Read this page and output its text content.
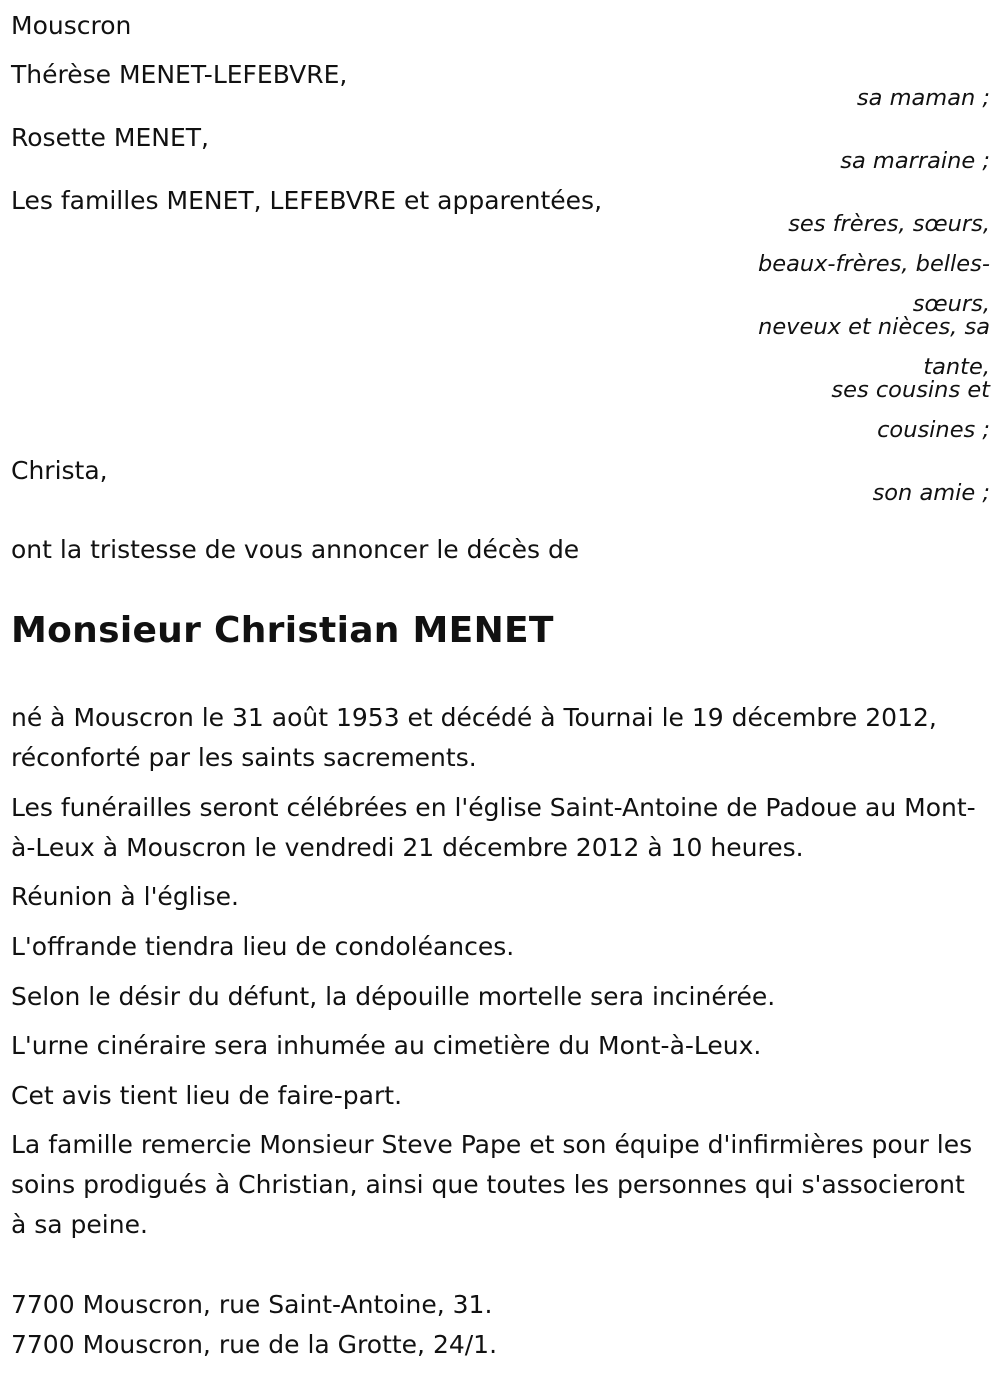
Mouscron
Thérèse MENET-LEFEBVRE,
sa maman ;
Rosette MENET,
sa marraine ;
Les familles MENET, LEFEBVRE et apparentées,
ses frères, sœurs,
beaux-frères, belles-
sœurs,
neveux et nièces, sa
tante,
ses cousins et
cousines ;
Christa,
son amie ;
ont la tristesse de vous annoncer le décès de
Monsieur Christian MENET

né à Mouscron le 31 août 1953 et décédé à Tournai le 19 décembre 2012, réconforté par les saints sacrements.

Les funérailles seront célébrées en l'église Saint-Antoine de Padoue au Mont-à-Leux à Mouscron le vendredi 21 décembre 2012 à 10 heures.

Réunion à l'église.

L'offrande tiendra lieu de condoléances.

Selon le désir du défunt, la dépouille mortelle sera incinérée.

L'urne cinéraire sera inhumée au cimetière du Mont-à-Leux.

Cet avis tient lieu de faire-part.

La famille remercie Monsieur Steve Pape et son équipe d'infirmières pour les soins prodigués à Christian, ainsi que toutes les personnes qui s'associeront à sa peine.

7700 Mouscron, rue Saint-Antoine, 31.
7700 Mouscron, rue de la Grotte, 24/1.
